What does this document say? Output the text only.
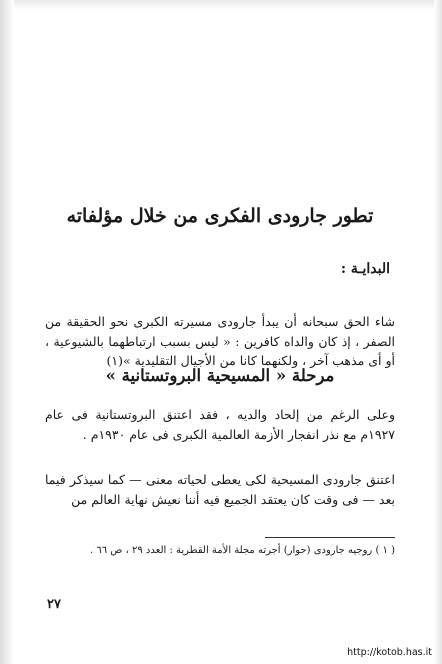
تطور جارودى الفكرى من خلال مؤلفاته
البدايـة :

شاء الحق سبحانه أن يبدأ جارودى مسيرته الكبرى نحو الحقيقة من الصفر ، إذ كان والداه كافرين : « ليس بسبب ارتباطهما بالشيوعية ، أو أى مذهب آخر ، ولكنهما كانا من الأجيال التقليدية »(١)

مرحلة « المسيحية البروتستانية »

وعلى الرغم من إلحاد والديه ، فقد اعتنق البروتستانية فى عام ١٩٢٧م مع نذر انفجار الأزمة العالمية الكبرى فى عام ١٩٣٠م .

اعتنق جارودى المسيحية لكى يعطى لحياته معنى — كما سيذكر فيما بعد — فى وقت كان يعتقد الجميع فيه أننا نعيش نهاية العالم من

( ١ ) روجيه جارودى (حوار) أجرته مجلة الأمة القطرية : العدد ٢٩ ، ص ٦٦ .

٢٧

http://kotob.has.it
